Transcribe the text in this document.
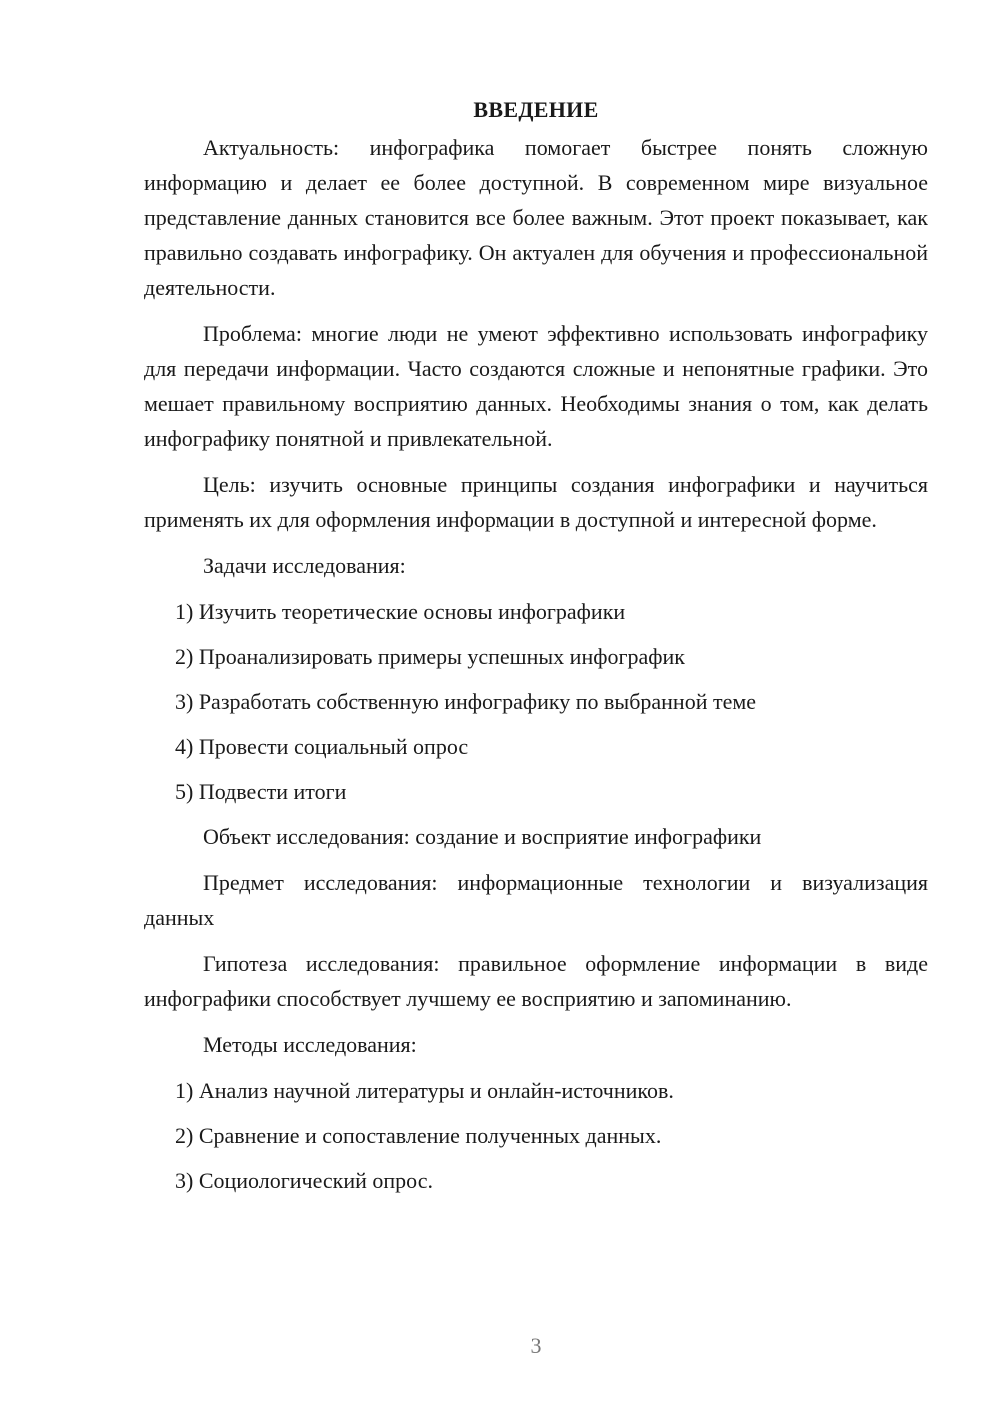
ВВЕДЕНИЕ

Актуальность: инфографика помогает быстрее понять сложную информацию и делает ее более доступной. В современном мире визуальное представление данных становится все более важным. Этот проект показывает, как правильно создавать инфографику. Он актуален для обучения и профессиональной деятельности.

Проблема: многие люди не умеют эффективно использовать инфографику для передачи информации. Часто создаются сложные и непонятные графики. Это мешает правильному восприятию данных. Необходимы знания о том, как делать инфографику понятной и привлекательной.

Цель: изучить основные принципы создания инфографики и научиться применять их для оформления информации в доступной и интересной форме.

Задачи исследования:

1) Изучить теоретические основы инфографики
2) Проанализировать примеры успешных инфографик
3) Разработать собственную инфографику по выбранной теме
4) Провести социальный опрос
5) Подвести итоги

Объект исследования: создание и восприятие инфографики

Предмет исследования: информационные технологии и визуализация данных

Гипотеза исследования: правильное оформление информации в виде инфографики способствует лучшему ее восприятию и запоминанию.

Методы исследования:

1) Анализ научной литературы и онлайн-источников.
2) Сравнение и сопоставление полученных данных.
3) Социологический опрос.
3
